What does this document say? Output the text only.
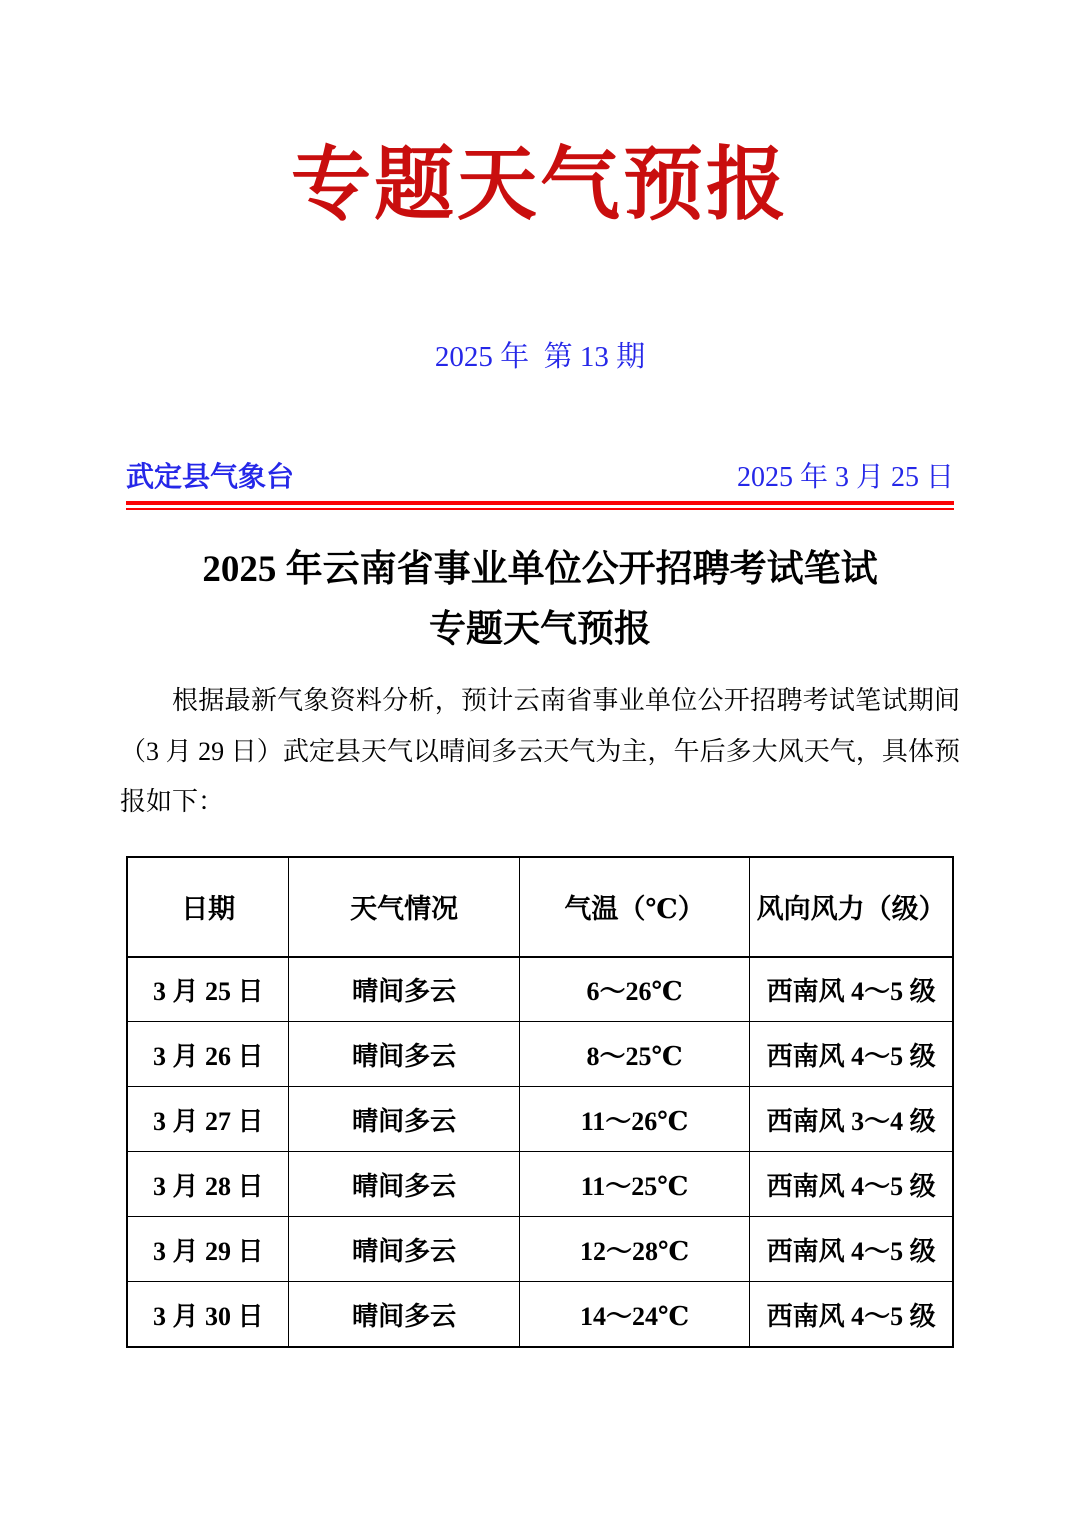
专题天气预报
2025 年  第 13 期
武定县气象台	2025 年 3 月 25 日
2025 年云南省事业单位公开招聘考试笔试
专题天气预报

根据最新气象资料分析，预计云南省事业单位公开招聘考试笔试期间（3 月 29 日）武定县天气以晴间多云天气为主，午后多大风天气，具体预报如下：

日期	天气情况	气温（℃）	风向风力（级）
3 月 25 日	晴间多云	6～26℃	西南风 4～5 级
3 月 26 日	晴间多云	8～25℃	西南风 4～5 级
3 月 27 日	晴间多云	11～26℃	西南风 3～4 级
3 月 28 日	晴间多云	11～25℃	西南风 4～5 级
3 月 29 日	晴间多云	12～28℃	西南风 4～5 级
3 月 30 日	晴间多云	14～24℃	西南风 4～5 级
